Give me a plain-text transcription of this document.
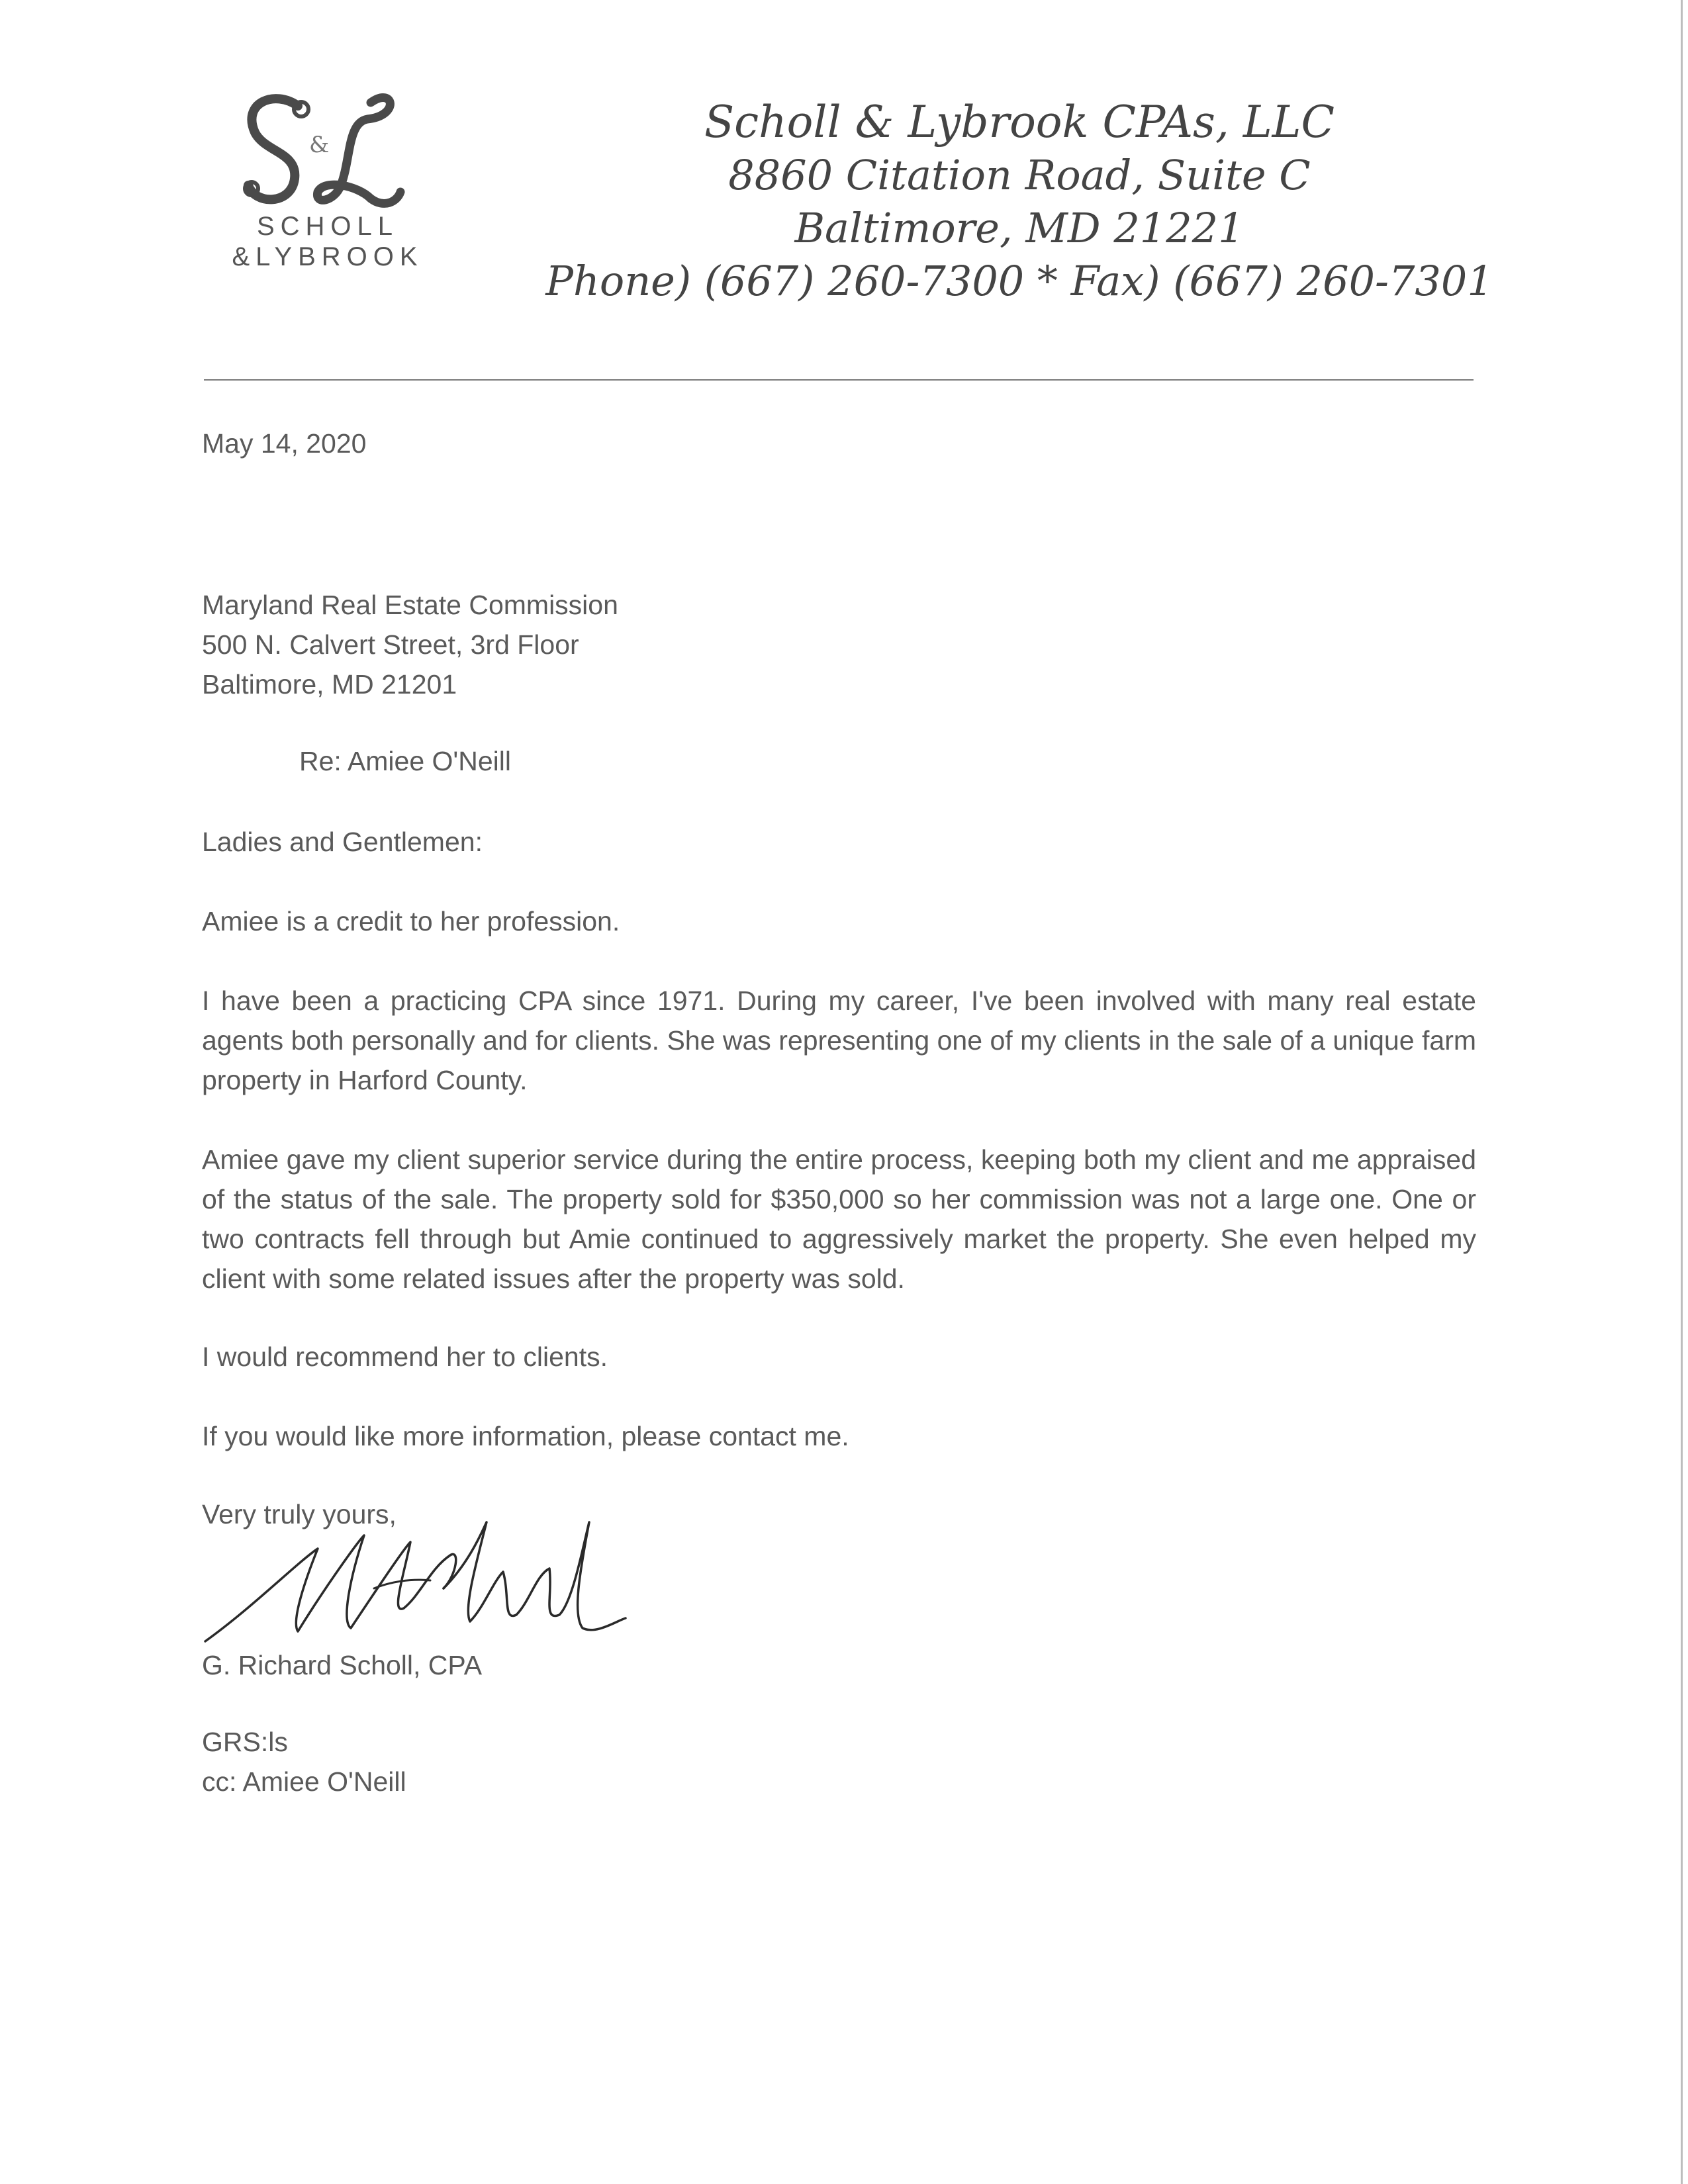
&
SCHOLL
&LYBROOK
Scholl & Lybrook CPAs, LLC
8860 Citation Road, Suite C
Baltimore, MD 21221
Phone) (667) 260-7300 * Fax) (667) 260-7301
May 14, 2020
Maryland Real Estate Commission
500 N. Calvert Street, 3rd Floor
Baltimore, MD 21201
Re: Amiee O'Neill
Ladies and Gentlemen:
Amiee is a credit to her profession.
I have been a practicing CPA since 1971. During my career, I've been involved with many real estate agents both personally and for clients. She was representing one of my clients in the sale of a unique farm property in Harford County.
Amiee gave my client superior service during the entire process, keeping both my client and me appraised of the status of the sale. The property sold for $350,000 so her commission was not a large one. One or two contracts fell through but Amie continued to aggressively market the property. She even helped my client with some related issues after the property was sold.
I would recommend her to clients.
If you would like more information, please contact me.
Very truly yours,
G. Richard Scholl, CPA
GRS:ls
cc: Amiee O'Neill
